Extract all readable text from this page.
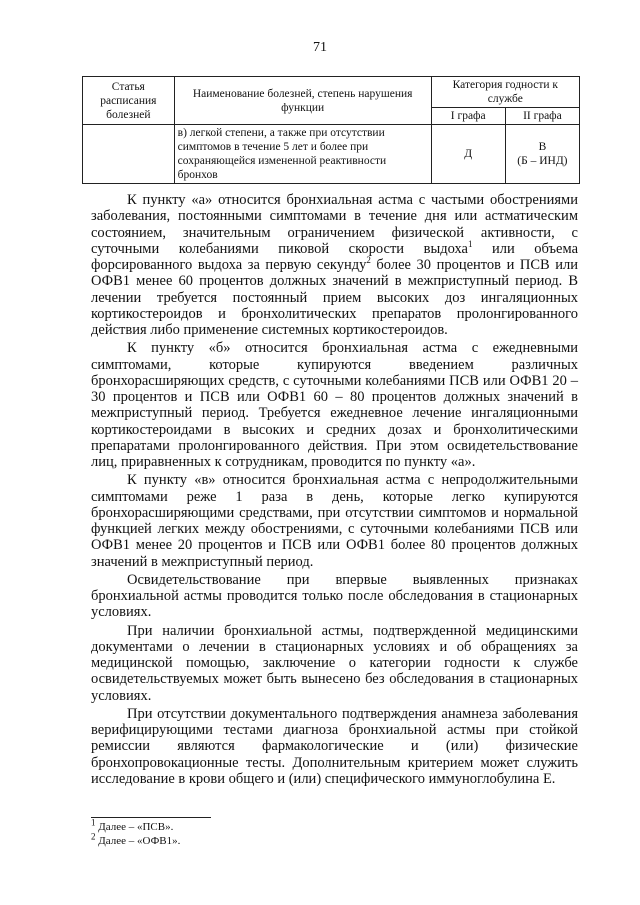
71
Статья расписания болезней	Наименование болезней, степень нарушения функции	Категория годности к службе	
		I графа	II графа
	в) легкой степени, а также при отсутствии симптомов в течение 5 лет и более при сохраняющейся измененной реактивности бронхов	Д	В
(Б – ИНД)

К пункту «а» относится бронхиальная астма с частыми обострениями заболевания, постоянными симптомами в течение дня или астматическим состоянием, значительным ограничением физической активности, с суточными колебаниями пиковой скорости выдоха$^1$ или объема форсированного выдоха за первую секунду$^2$ более 30 процентов и ПСВ или ОФВ1 менее 60 процентов должных значений в межприступный период. В лечении требуется постоянный прием высоких доз ингаляционных кортикостероидов и бронхолитических препаратов пролонгированного действия либо применение системных кортикостероидов.

К пункту «б» относится бронхиальная астма с ежедневными симптомами, которые купируются введением различных бронхорасширяющих средств, с суточными колебаниями ПСВ или ОФВ1 20 – 30 процентов и ПСВ или ОФВ1 60 – 80 процентов должных значений в межприступный период. Требуется ежедневное лечение ингаляционными кортикостероидами в высоких и средних дозах и бронхолитическими препаратами пролонгированного действия. При этом освидетельствование лиц, приравненных к сотрудникам, проводится по пункту «а».

К пункту «в» относится бронхиальная астма с непродолжительными симптомами реже 1 раза в день, которые легко купируются бронхорасширяющими средствами, при отсутствии симптомов и нормальной функцией легких между обострениями, с суточными колебаниями ПСВ или ОФВ1 менее 20 процентов и ПСВ или ОФВ1 более 80 процентов должных значений в межприступный период.

Освидетельствование при впервые выявленных признаках бронхиальной астмы проводится только после обследования в стационарных условиях.

При наличии бронхиальной астмы, подтвержденной медицинскими документами о лечении в стационарных условиях и об обращениях за медицинской помощью, заключение о категории годности к службе освидетельствуемых может быть вынесено без обследования в стационарных условиях.

При отсутствии документального подтверждения анамнеза заболевания верифицирующими тестами диагноза бронхиальной астмы при стойкой ремиссии являются фармакологические и (или) физические бронхопровокационные тесты. Дополнительным критерием может служить исследование в крови общего и (или) специфического иммуноглобулина Е.

$^1$ Далее – «ПСВ».
$^2$ Далее – «ОФВ1».
